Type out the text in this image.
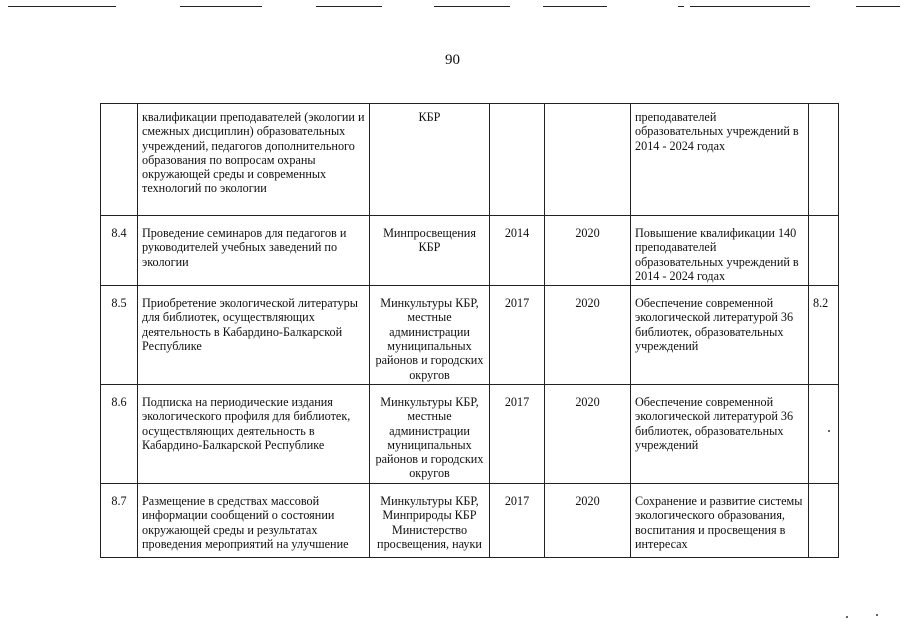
90
	квалификации преподавателей (экологии и смежных дисциплин) образовательных учреждений, педагогов дополнительного образования по вопросам охраны окружающей среды и современных технологий по экологии	КБР			преподавателей образовательных учреждений в 2014 - 2024 годах	
8.4	Проведение семинаров для педагогов и руководителей учебных заведений по экологии	Минпросвещения КБР	2014	2020	Повышение квалификации 140 преподавателей образовательных учреждений в 2014 - 2024 годах	
8.5	Приобретение экологической литературы для библиотек, осуществляющих деятельность в Кабардино-Балкарской Республике	Минкультуры КБР, местные администрации муниципальных районов и городских округов	2017	2020	Обеспечение современной экологической литературой 36 библиотек, образовательных учреждений	8.2
8.6	Подписка на периодические издания экологического профиля для библиотек, осуществляющих деятельность в Кабардино-Балкарской Республике	Минкультуры КБР, местные администрации муниципальных районов и городских округов	2017	2020	Обеспечение современной экологической литературой 36 библиотек, образовательных учреждений	
8.7	Размещение в средствах массовой информации сообщений о состоянии окружающей среды и результатах проведения мероприятий на улучшение	Минкультуры КБР, Минприроды КБР Министерство просвещения, науки	2017	2020	Сохранение и развитие системы экологического образования, воспитания и просвещения в интересах	
